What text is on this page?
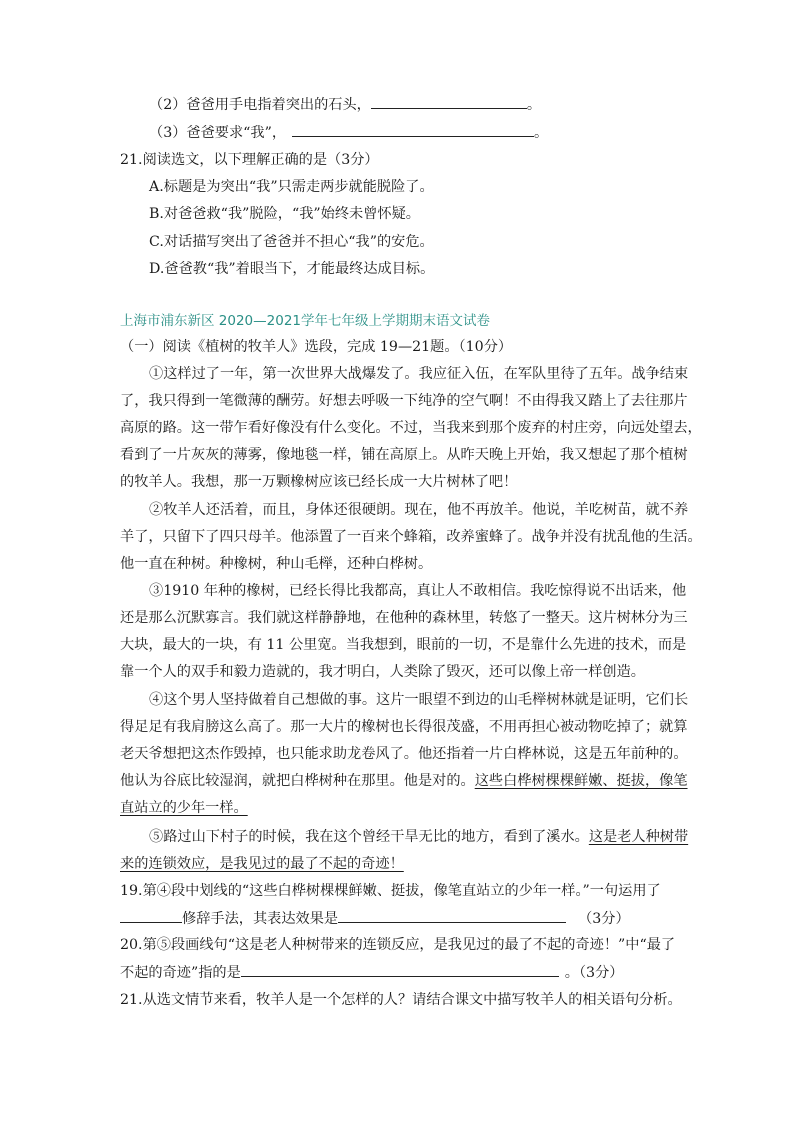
（2）爸爸用手电指着突出的石头，	。
（3）爸爸要求“我”，	。
21.阅读选文，以下理解正确的是（3分）
A.标题是为突出“我”只需走两步就能脱险了。
B.对爸爸救“我”脱险，“我”始终未曾怀疑。
C.对话描写突出了爸爸并不担心“我”的安危。
D.爸爸教“我”着眼当下，才能最终达成目标。
上海市浦东新区 2020—2021学年七年级上学期期末语文试卷
（一）阅读《植树的牧羊人》选段，完成 19—21题。（10分）
①这样过了一年，第一次世界大战爆发了。我应征入伍，在军队里待了五年。战争结束
了，我只得到一笔微薄的酬劳。好想去呼吸一下纯净的空气啊！不由得我又踏上了去往那片
高原的路。这一带乍看好像没有什么变化。不过，当我来到那个废弃的村庄旁，向远处望去，
看到了一片灰灰的薄雾，像地毯一样，铺在高原上。从昨天晚上开始，我又想起了那个植树
的牧羊人。我想，那一万颗橡树应该已经长成一大片树林了吧！
②牧羊人还活着，而且，身体还很硬朗。现在，他不再放羊。他说，羊吃树苗，就不养
羊了，只留下了四只母羊。他添置了一百来个蜂箱，改养蜜蜂了。战争并没有扰乱他的生活。
他一直在种树。种橡树，种山毛榉，还种白桦树。
③1910 年种的橡树，已经长得比我都高，真让人不敢相信。我吃惊得说不出话来，他
还是那么沉默寡言。我们就这样静静地，在他种的森林里，转悠了一整天。这片树林分为三
大块，最大的一块，有 11 公里宽。当我想到，眼前的一切，不是靠什么先进的技术，而是
靠一个人的双手和毅力造就的，我才明白，人类除了毁灭，还可以像上帝一样创造。
④这个男人坚持做着自己想做的事。这片一眼望不到边的山毛榉树林就是证明，它们长
得足足有我肩膀这么高了。那一大片的橡树也长得很茂盛，不用再担心被动物吃掉了；就算
老天爷想把这杰作毁掉，也只能求助龙卷风了。他还指着一片白桦林说，这是五年前种的。
他认为谷底比较湿润，就把白桦树种在那里。他是对的。这些白桦树棵棵鲜嫩、挺拔，像笔
直站立的少年一样。
⑤路过山下村子的时候，我在这个曾经干旱无比的地方，看到了溪水。这是老人种树带
来的连锁效应，是我见过的最了不起的奇迹！
19.第④段中划线的“这些白桦树棵棵鲜嫩、挺拔，像笔直站立的少年一样。”一句运用了
修辞手法，其表达效果是	（3分）
20.第⑤段画线句“这是老人种树带来的连锁反应，是我见过的最了不起的奇迹！”中“最了
不起的奇迹”指的是	。（3分）
21.从选文情节来看，牧羊人是一个怎样的人？请结合课文中描写牧羊人的相关语句分析。
